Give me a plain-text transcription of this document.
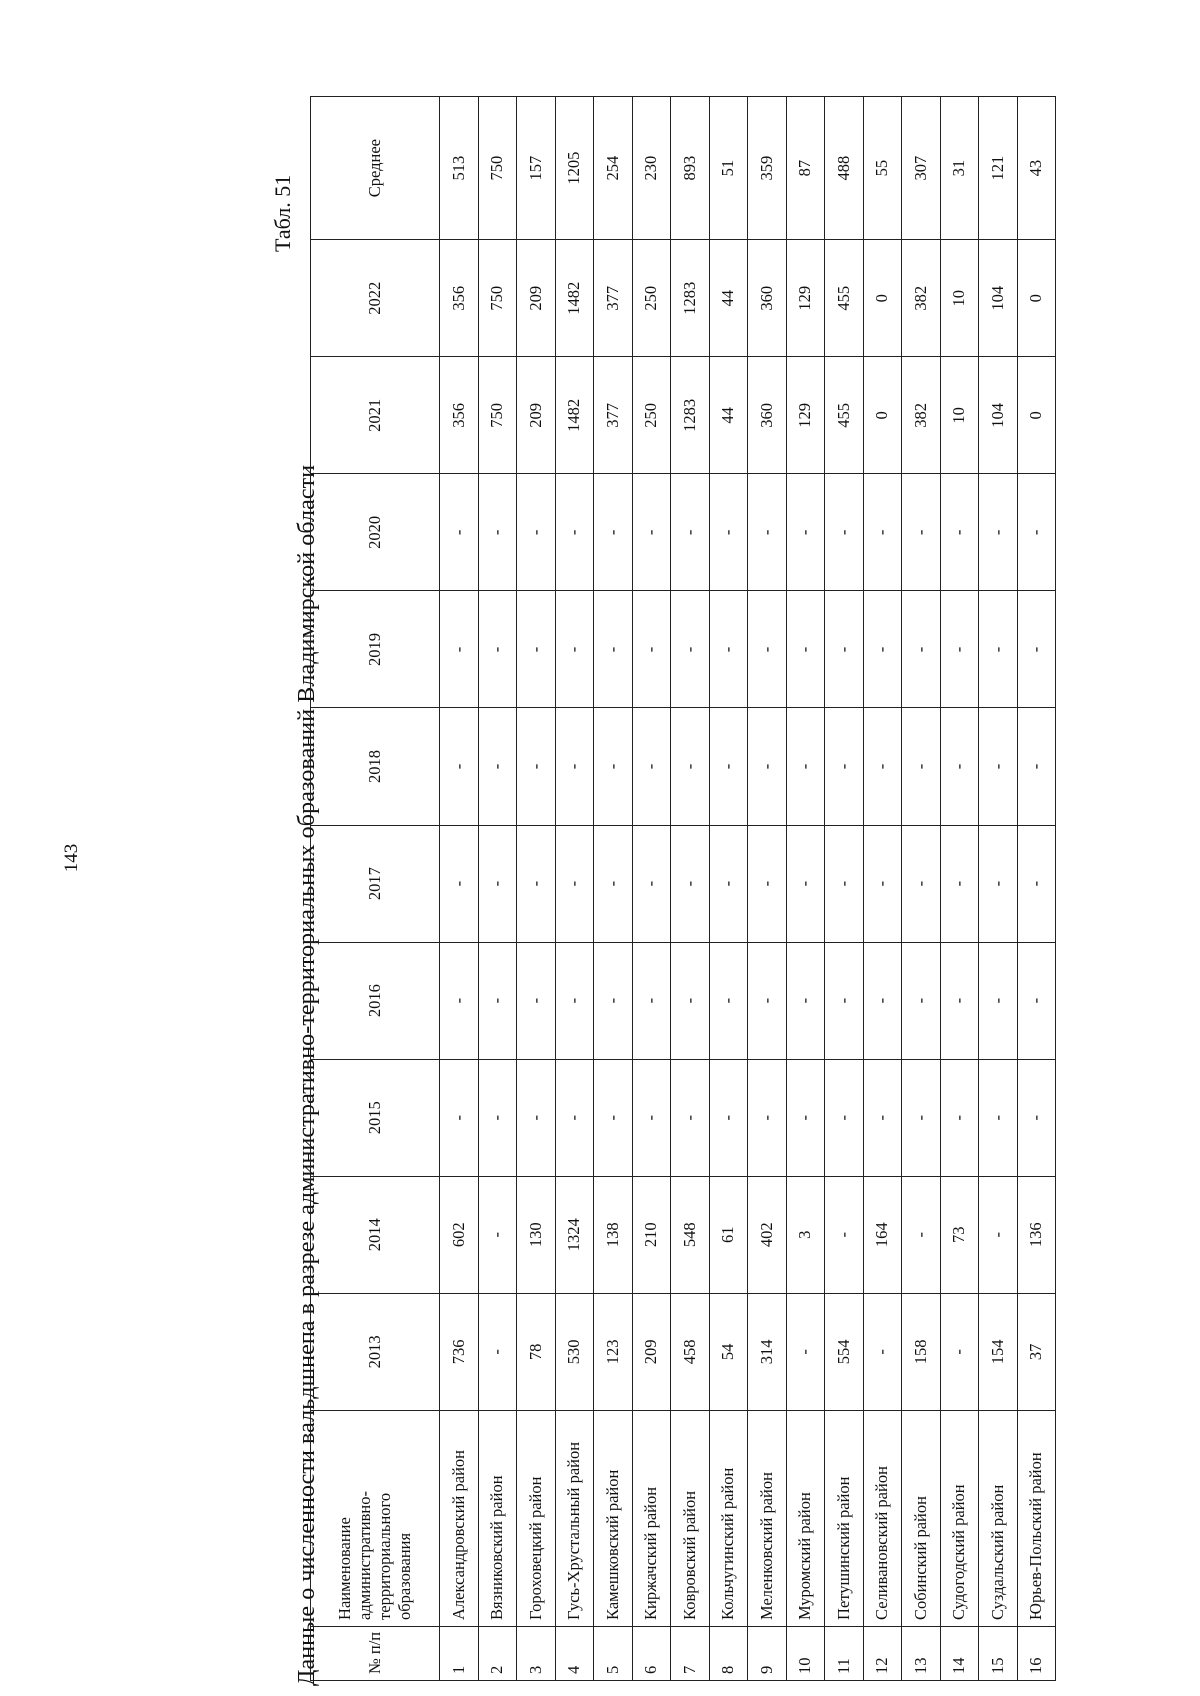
143
Табл. 51
Данные о численности вальдшнепа в разрезе административно-территориальных образований Владимирской области	№ п/п	Наименование административно-территориального образования	2013	2014	2015	2016	2017	2018	2019	2020	2021	2022	Среднее
1	Александровский район	736	602	-	-	-	-	-	-	356	356	513
2	Вязниковский район	-	-	-	-	-	-	-	-	750	750	750
3	Гороховецкий район	78	130	-	-	-	-	-	-	209	209	157
4	Гусь-Хрустальный район	530	1324	-	-	-	-	-	-	1482	1482	1205
5	Камешковский район	123	138	-	-	-	-	-	-	377	377	254
6	Киржачский район	209	210	-	-	-	-	-	-	250	250	230
7	Ковровский район	458	548	-	-	-	-	-	-	1283	1283	893
8	Кольчугинский район	54	61	-	-	-	-	-	-	44	44	51
9	Меленковский район	314	402	-	-	-	-	-	-	360	360	359
10	Муромский район	-	3	-	-	-	-	-	-	129	129	87
11	Петушинский район	554	-	-	-	-	-	-	-	455	455	488
12	Селивановский район	-	164	-	-	-	-	-	-	0	0	55
13	Собинский район	158	-	-	-	-	-	-	-	382	382	307
14	Судогодский район	-	73	-	-	-	-	-	-	10	10	31
15	Суздальский район	154	-	-	-	-	-	-	-	104	104	121
16	Юрьев-Польский район	37	136	-	-	-	-	-	-	0	0	43
